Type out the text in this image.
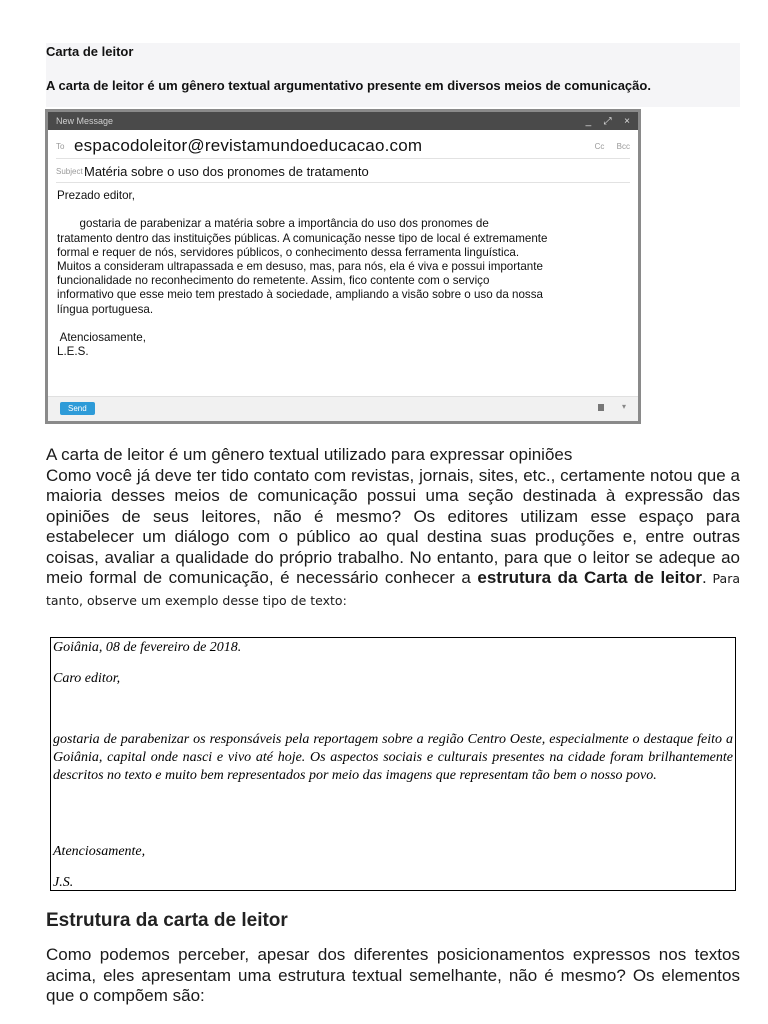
Carta de leitor
A carta de leitor é um gênero textual argumentativo presente em diversos meios de comunicação.
New Message	_ ⤢ ×
To espacodoleitor@revistamundoeducacao.com	Cc Bcc
Subject Matéria sobre o uso dos pronomes de tratamento

Prezado editor,

gostaria de parabenizar a matéria sobre a importância do uso dos pronomes de

tratamento dentro das instituições públicas. A comunicação nesse tipo de local é extremamente

formal e requer de nós, servidores públicos, o conhecimento dessa ferramenta linguística.

Muitos a consideram ultrapassada e em desuso, mas, para nós, ela é viva e possui importante

funcionalidade no reconhecimento do remetente. Assim, fico contente com o serviço

informativo que esse meio tem prestado à sociedade, ampliando a visão sobre o uso da nossa

língua portuguesa.

Atenciosamente,

L.E.S.

Send	▾

A carta de leitor é um gênero textual utilizado para expressar opiniões

Como você já deve ter tido contato com revistas, jornais, sites, etc., certamente notou que a maioria desses meios de comunicação possui uma seção destinada à expressão das opiniões de seus leitores, não é mesmo? Os editores utilizam esse espaço para estabelecer um diálogo com o público ao qual destina suas produções e, entre outras coisas, avaliar a qualidade do próprio trabalho. No entanto, para que o leitor se adeque ao meio formal de comunicação, é necessário conhecer a estrutura da Carta de leitor. Para tanto, observe um exemplo desse tipo de texto:

Goiânia, 08 de fevereiro de 2018.

Caro editor,

gostaria de parabenizar os responsáveis pela reportagem sobre a região Centro Oeste, especialmente o destaque feito a Goiânia, capital onde nasci e vivo até hoje. Os aspectos sociais e culturais presentes na cidade foram brilhantemente descritos no texto e muito bem representados por meio das imagens que representam tão bem o nosso povo.

Atenciosamente,

J.S.

Estrutura da carta de leitor

Como podemos perceber, apesar dos diferentes posicionamentos expressos nos textos acima, eles apresentam uma estrutura textual semelhante, não é mesmo? Os elementos que o compõem são:
